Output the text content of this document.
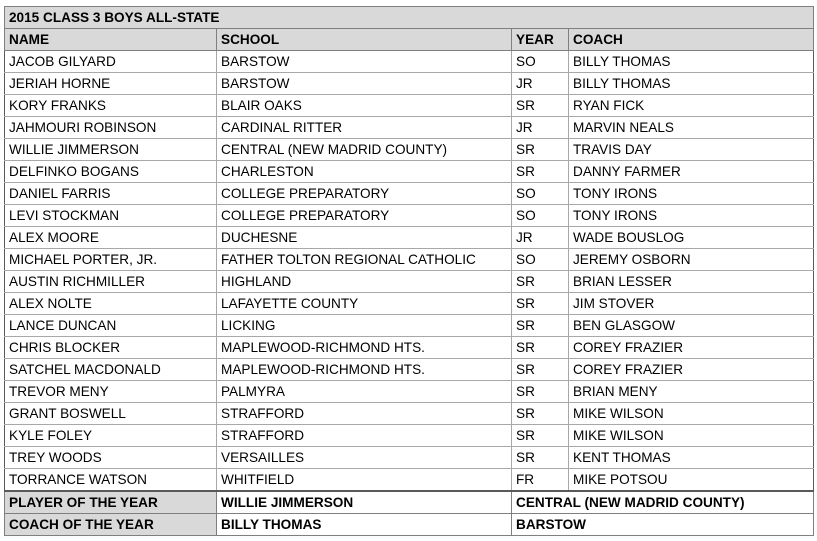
2015 CLASS 3 BOYS ALL-STATE			
NAME	SCHOOL	YEAR	COACH
JACOB GILYARD	BARSTOW	SO	BILLY THOMAS
JERIAH HORNE	BARSTOW	JR	BILLY THOMAS
KORY FRANKS	BLAIR OAKS	SR	RYAN FICK
JAHMOURI ROBINSON	CARDINAL RITTER	JR	MARVIN NEALS
WILLIE JIMMERSON	CENTRAL (NEW MADRID COUNTY)	SR	TRAVIS DAY
DELFINKO BOGANS	CHARLESTON	SR	DANNY FARMER
DANIEL FARRIS	COLLEGE PREPARATORY	SO	TONY IRONS
LEVI STOCKMAN	COLLEGE PREPARATORY	SO	TONY IRONS
ALEX MOORE	DUCHESNE	JR	WADE BOUSLOG
MICHAEL PORTER, JR.	FATHER TOLTON REGIONAL CATHOLIC	SO	JEREMY OSBORN
AUSTIN RICHMILLER	HIGHLAND	SR	BRIAN LESSER
ALEX NOLTE	LAFAYETTE COUNTY	SR	JIM STOVER
LANCE DUNCAN	LICKING	SR	BEN GLASGOW
CHRIS BLOCKER	MAPLEWOOD-RICHMOND HTS.	SR	COREY FRAZIER
SATCHEL MACDONALD	MAPLEWOOD-RICHMOND HTS.	SR	COREY FRAZIER
TREVOR MENY	PALMYRA	SR	BRIAN MENY
GRANT BOSWELL	STRAFFORD	SR	MIKE WILSON
KYLE FOLEY	STRAFFORD	SR	MIKE WILSON
TREY WOODS	VERSAILLES	SR	KENT THOMAS
TORRANCE WATSON	WHITFIELD	FR	MIKE POTSOU
PLAYER OF THE YEAR	WILLIE JIMMERSON	CENTRAL (NEW MADRID COUNTY)	
COACH OF THE YEAR	BILLY THOMAS	BARSTOW	
